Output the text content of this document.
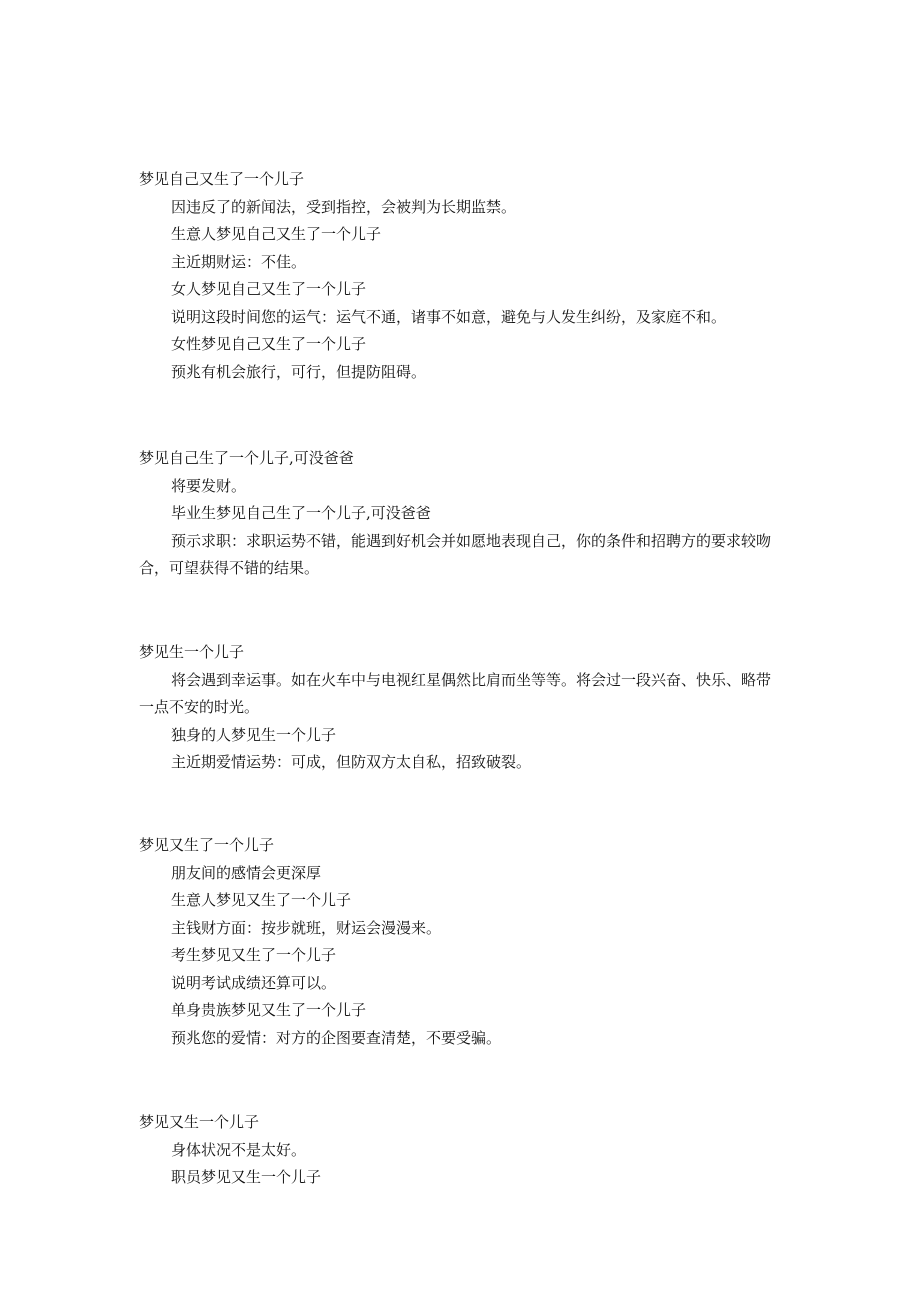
梦见自己又生了一个儿子
因违反了的新闻法，受到指控，会被判为长期监禁。
生意人梦见自己又生了一个儿子
主近期财运：不佳。
女人梦见自己又生了一个儿子
说明这段时间您的运气：运气不通，诸事不如意，避免与人发生纠纷，及家庭不和。
女性梦见自己又生了一个儿子
预兆有机会旅行，可行，但提防阻碍。
梦见自己生了一个儿子,可没爸爸
将要发财。
毕业生梦见自己生了一个儿子,可没爸爸
预示求职：求职运势不错，能遇到好机会并如愿地表现自己，你的条件和招聘方的要求较吻合，可望获得不错的结果。
梦见生一个儿子
将会遇到幸运事。如在火车中与电视红星偶然比肩而坐等等。将会过一段兴奋、快乐、略带一点不安的时光。
独身的人梦见生一个儿子
主近期爱情运势：可成，但防双方太自私，招致破裂。
梦见又生了一个儿子
朋友间的感情会更深厚
生意人梦见又生了一个儿子
主钱财方面：按步就班，财运会漫漫来。
考生梦见又生了一个儿子
说明考试成绩还算可以。
单身贵族梦见又生了一个儿子
预兆您的爱情：对方的企图要查清楚，不要受骗。
梦见又生一个儿子
身体状况不是太好。
职员梦见又生一个儿子
